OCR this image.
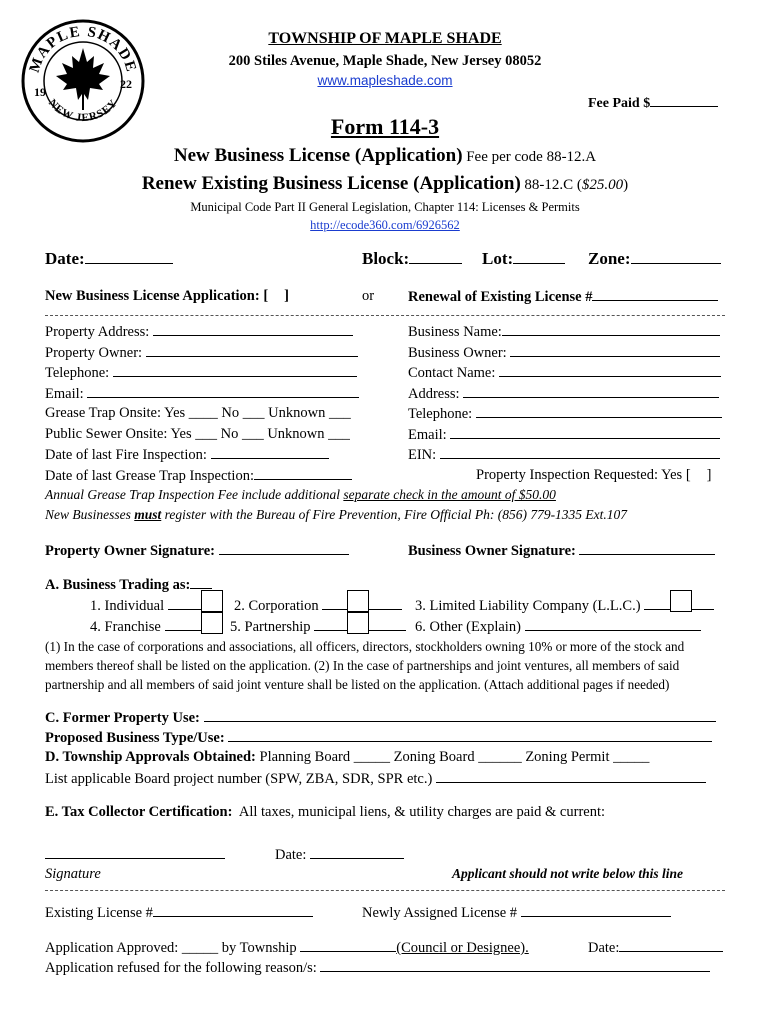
MAPLE SHADE
NEW JERSEY
19
22
TOWNSHIP OF MAPLE SHADE
200 Stiles Avenue, Maple Shade, New Jersey 08052
www.mapleshade.com
Fee Paid $
Form 114-3
New Business License (Application) Fee per code 88-12.A
Renew Existing Business License (Application) 88-12.C ($25.00)
Municipal Code Part II General Legislation, Chapter 114: Licenses & Permits
http://ecode360.com/6926562
Date:	Block:	Lot:	Zone:
New Business License Application: [ ]	or Renewal of Existing License #
Property Address:
Property Owner:
Telephone:
Email:
Grease Trap Onsite: Yes ____ No ___ Unknown ___
Public Sewer Onsite: Yes ___ No ___ Unknown ___
Date of last Fire Inspection:
Date of last Grease Trap Inspection:
Business Name:
Business Owner:
Contact Name:
Address:
Telephone:
Email:
EIN:
Property Inspection Requested: Yes [ ]
Annual Grease Trap Inspection Fee include additional separate check in the amount of $50.00
New Businesses must register with the Bureau of Fire Prevention, Fire Official Ph: (856) 779-1335 Ext.107
Property Owner Signature:	Business Owner Signature:
A. Business Trading as:
1. Individual	2. Corporation	3. Limited Liability Company (L.L.C.)
4. Franchise	5. Partnership	6. Other (Explain)
(1) In the case of corporations and associations, all officers, directors, stockholders owning 10% or more of the stock and members thereof shall be listed on the application. (2) In the case of partnerships and joint ventures, all members of said partnership and all members of said joint venture shall be listed on the application. (Attach additional pages if needed)
C. Former Property Use:
Proposed Business Type/Use:
D. Township Approvals Obtained: Planning Board _____ Zoning Board ______ Zoning Permit _____
List applicable Board project number (SPW, ZBA, SDR, SPR etc.)
E. Tax Collector Certification: All taxes, municipal liens, & utility charges are paid & current:
Date:
Signature	Applicant should not write below this line
Existing License #	Newly Assigned License #
Application Approved: _____ by Township	(Council or Designee).	Date:
Application refused for the following reason/s:
